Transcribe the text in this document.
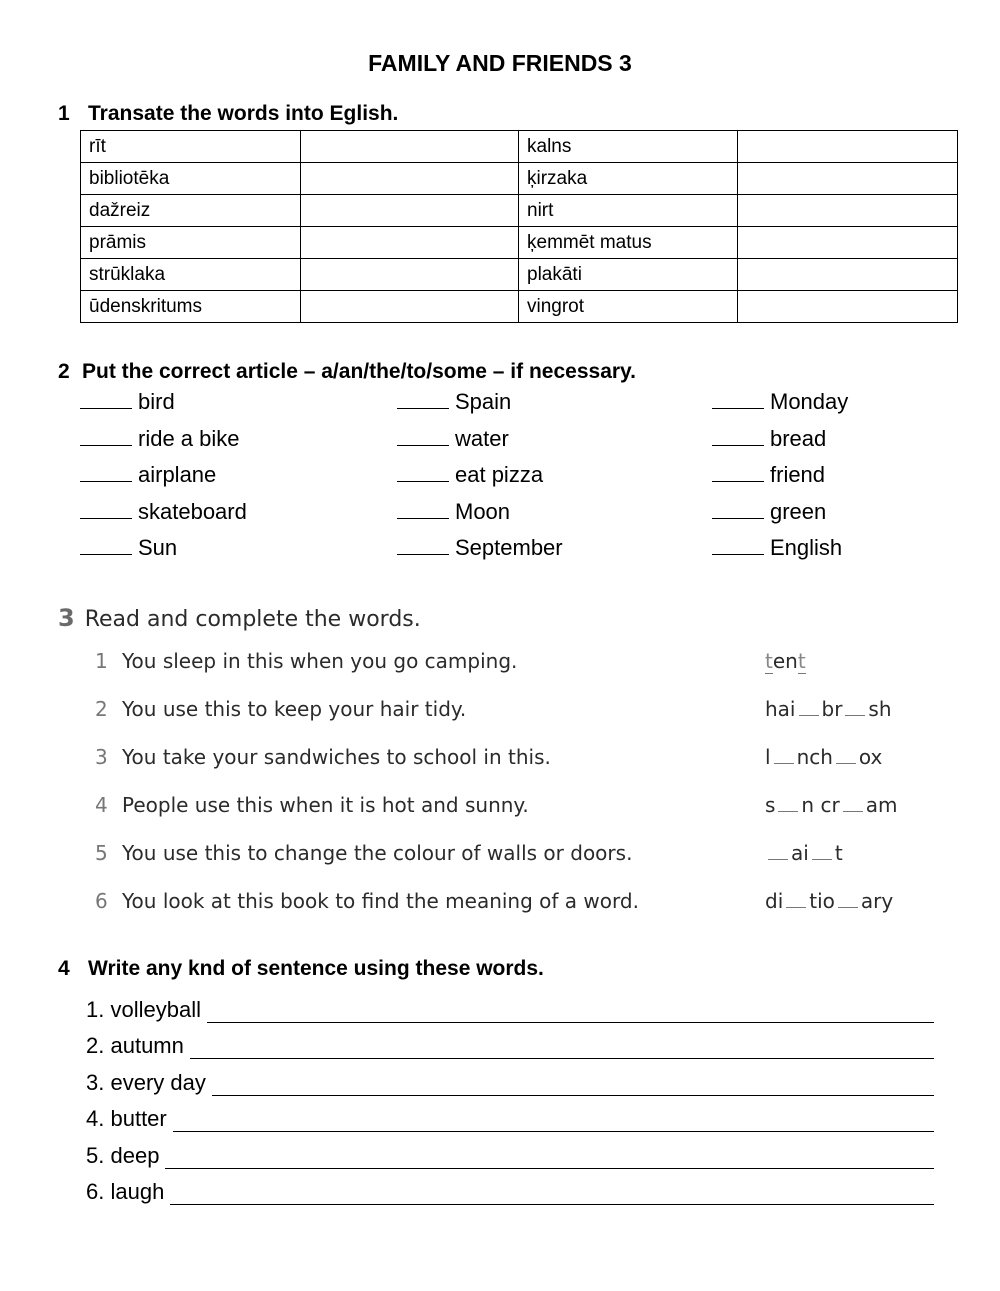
FAMILY AND FRIENDS 3
1 Transate the words into Eglish.
rīt		kalns	
bibliotēka		ķirzaka	
dažreiz		nirt	
prāmis		ķemmēt matus	
strūklaka		plakāti	
ūdenskritums		vingrot	
2 Put the correct article – a/an/the/to/some – if necessary.
bird	Spain	Monday
ride a bike	water	bread
airplane	eat pizza	friend
skateboard	Moon	green
Sun	September	English
3 Read and complete the words.
1 You sleep in this when you go camping.	tent
2 You use this to keep your hair tidy.	hai br sh
3 You take your sandwiches to school in this.	l nch ox
4 People use this when it is hot and sunny.	s n cr am
5 You use this to change the colour of walls or doors.	ai t
6 You look at this book to find the meaning of a word.	di tio ary
4 Write any knd of sentence using these words.
1. volleyball
2. autumn
3. every day
4. butter
5. deep
6. laugh
